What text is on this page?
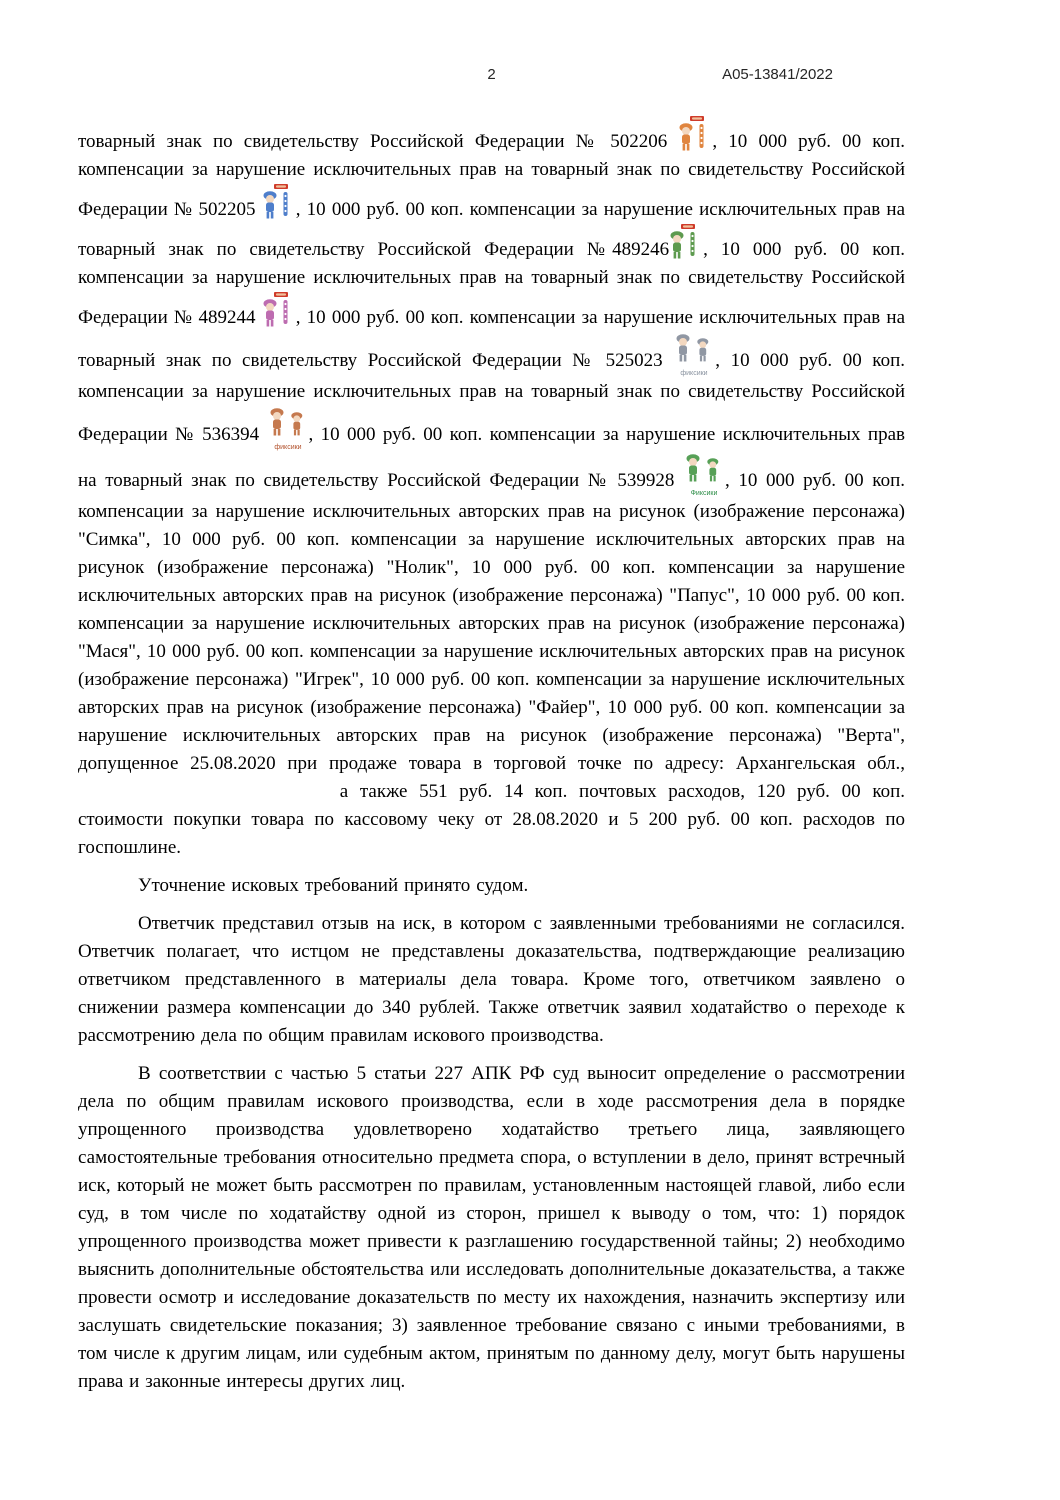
2	А05-13841/2022

товарный знак по свидетельству Российской Федерации № 502206 , 10 000 руб. 00 коп. компенсации за нарушение исключительных прав на товарный знак по свидетельству Российской Федерации № 502205 , 10 000 руб. 00 коп. компенсации за нарушение исключительных прав на товарный знак по свидетельству Российской Федерации №489246 , 10 000 руб. 00 коп. компенсации за нарушение исключительных прав на товарный знак по свидетельству Российской Федерации № 489244 , 10 000 руб. 00 коп. компенсации за нарушение исключительных прав на товарный знак по свидетельству Российской Федерации № 525023
фиксики
, 10 000 руб. 00 коп. компенсации за нарушение исключительных прав на товарный знак по свидетельству Российской Федерации № 536394
фиксики
, 10 000 руб. 00 коп. компенсации за нарушение исключительных прав на товарный знак по свидетельству Российской Федерации № 539928
Фиксики
, 10 000 руб. 00 коп. компенсации за нарушение исключительных авторских прав на рисунок (изображение персонажа) "Симка", 10 000 руб. 00 коп. компенсации за нарушение исключительных авторских прав на рисунок (изображение персонажа) "Нолик", 10 000 руб. 00 коп. компенсации за нарушение исключительных авторских прав на рисунок (изображение персонажа) "Папус", 10 000 руб. 00 коп. компенсации за нарушение исключительных авторских прав на рисунок (изображение персонажа) "Мася", 10 000 руб. 00 коп. компенсации за нарушение исключительных авторских прав на рисунок (изображение персонажа) "Игрек", 10 000 руб. 00 коп. компенсации за нарушение исключительных авторских прав на рисунок (изображение персонажа) "Файер", 10 000 руб. 00 коп. компенсации за нарушение исключительных авторских прав на рисунок (изображение персонажа) "Верта", допущенное 25.08.2020 при продаже товара в торговой точке по адресу: Архангельская обл., а также 551 руб. 14 коп. почтовых расходов, 120 руб. 00 коп. стоимости покупки товара по кассовому чеку от 28.08.2020 и 5 200 руб. 00 коп. расходов по госпошлине.

Уточнение исковых требований принято судом.

Ответчик представил отзыв на иск, в котором с заявленными требованиями не согласился. Ответчик полагает, что истцом не представлены доказательства, подтверждающие реализацию ответчиком представленного в материалы дела товара. Кроме того, ответчиком заявлено о снижении размера компенсации до 340 рублей. Также ответчик заявил ходатайство о переходе к рассмотрению дела по общим правилам искового производства.

В соответствии с частью 5 статьи 227 АПК РФ суд выносит определение о рассмотрении дела по общим правилам искового производства, если в ходе рассмотрения дела в порядке упрощенного производства удовлетворено ходатайство третьего лица, заявляющего самостоятельные требования относительно предмета спора, о вступлении в дело, принят встречный иск, который не может быть рассмотрен по правилам, установленным настоящей главой, либо если суд, в том числе по ходатайству одной из сторон, пришел к выводу о том, что: 1) порядок упрощенного производства может привести к разглашению государственной тайны; 2) необходимо выяснить дополнительные обстоятельства или исследовать дополнительные доказательства, а также провести осмотр и исследование доказательств по месту их нахождения, назначить экспертизу или заслушать свидетельские показания; 3) заявленное требование связано с иными требованиями, в том числе к другим лицам, или судебным актом, принятым по данному делу, могут быть нарушены права и законные интересы других лиц.
